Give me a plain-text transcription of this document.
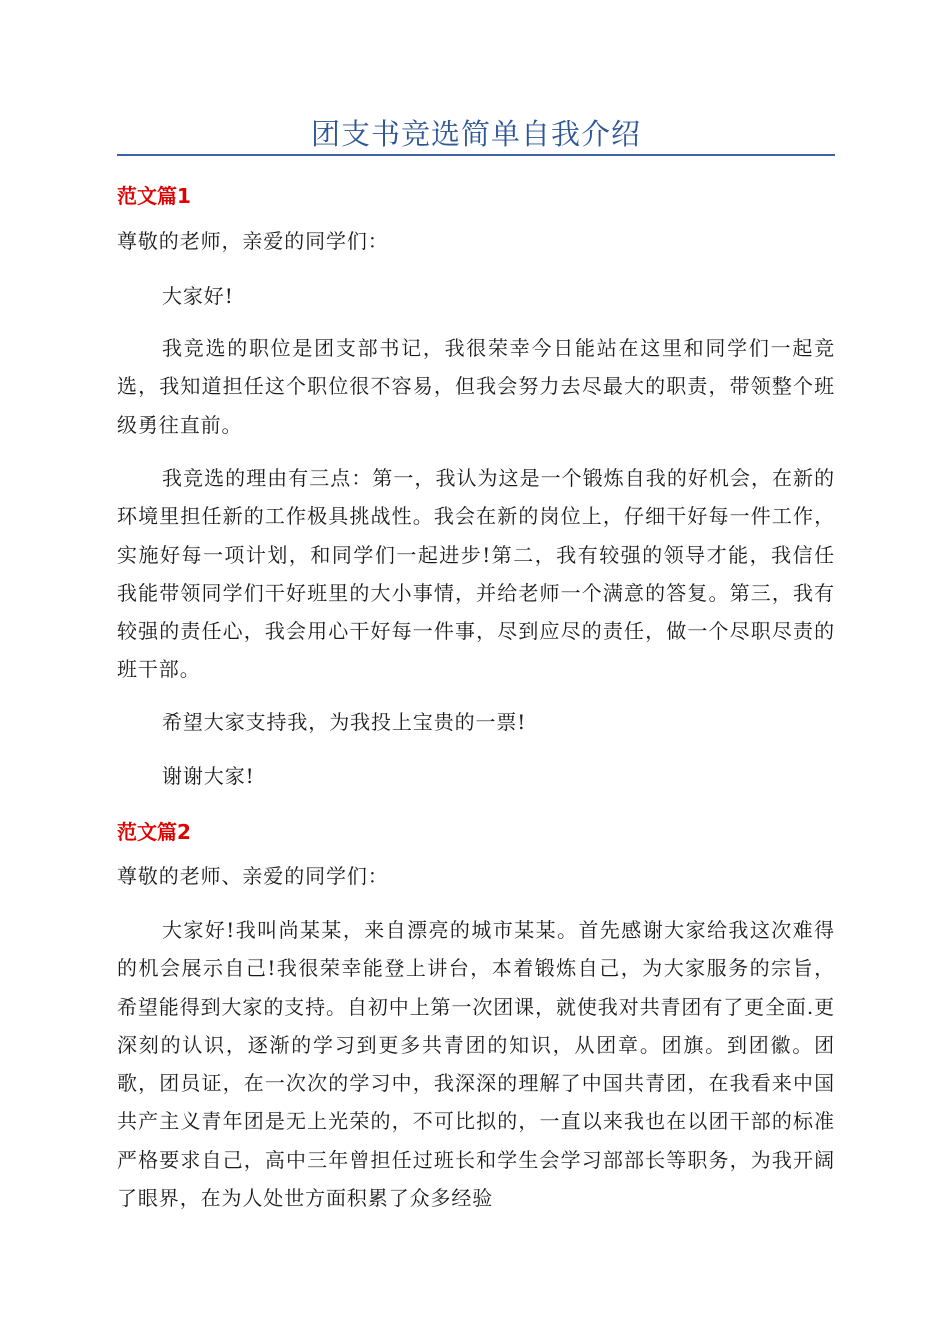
团支书竞选简单自我介绍
范文篇1

尊敬的老师，亲爱的同学们：

大家好!

我竞选的职位是团支部书记，我很荣幸今日能站在这里和同学们一起竞选，我知道担任这个职位很不容易，但我会努力去尽最大的职责，带领整个班级勇往直前。

我竞选的理由有三点：第一，我认为这是一个锻炼自我的好机会，在新的环境里担任新的工作极具挑战性。我会在新的岗位上，仔细干好每一件工作，实施好每一项计划，和同学们一起进步!第二，我有较强的领导才能，我信任我能带领同学们干好班里的大小事情，并给老师一个满意的答复。第三，我有较强的责任心，我会用心干好每一件事，尽到应尽的责任，做一个尽职尽责的班干部。

希望大家支持我，为我投上宝贵的一票!

谢谢大家!

范文篇2

尊敬的老师、亲爱的同学们：

大家好!我叫尚某某，来自漂亮的城市某某。首先感谢大家给我这次难得的机会展示自己!我很荣幸能登上讲台，本着锻炼自己，为大家服务的宗旨，希望能得到大家的支持。自初中上第一次团课，就使我对共青团有了更全面.更深刻的认识，逐渐的学习到更多共青团的知识，从团章。团旗。到团徽。团歌，团员证，在一次次的学习中，我深深的理解了中国共青团，在我看来中国共产主义青年团是无上光荣的，不可比拟的，一直以来我也在以团干部的标准严格要求自己，高中三年曾担任过班长和学生会学习部部长等职务，为我开阔了眼界，在为人处世方面积累了众多经验
